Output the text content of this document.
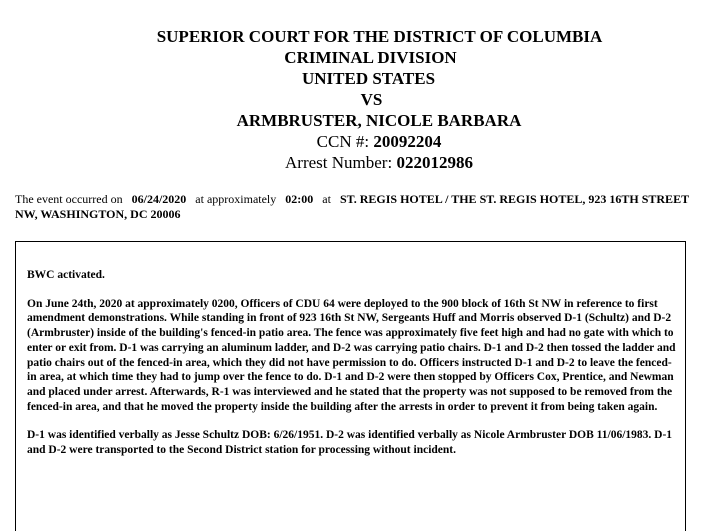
SUPERIOR COURT FOR THE DISTRICT OF COLUMBIA
CRIMINAL DIVISION
UNITED STATES
VS
ARMBRUSTER, NICOLE BARBARA
CCN #: 20092204
Arrest Number: 022012986
The event occurred on 06/24/2020 at approximately 02:00 at ST. REGIS HOTEL / THE ST. REGIS HOTEL, 923 16TH STREET NW, WASHINGTON, DC 20006

BWC activated.

On June 24th, 2020 at approximately 0200, Officers of CDU 64 were deployed to the 900 block of 16th St NW in reference to first amendment demonstrations. While standing in front of 923 16th St NW, Sergeants Huff and Morris observed D-1 (Schultz) and D-2 (Armbruster) inside of the building's fenced-in patio area. The fence was approximately five feet high and had no gate with which to enter or exit from. D-1 was carrying an aluminum ladder, and D-2 was carrying patio chairs. D-1 and D-2 then tossed the ladder and patio chairs out of the fenced-in area, which they did not have permission to do. Officers instructed D-1 and D-2 to leave the fenced-in area, at which time they had to jump over the fence to do. D-1 and D-2 were then stopped by Officers Cox, Prentice, and Newman and placed under arrest. Afterwards, R-1 was interviewed and he stated that the property was not supposed to be removed from the fenced-in area, and that he moved the property inside the building after the arrests in order to prevent it from being taken again.

D-1 was identified verbally as Jesse Schultz DOB: 6/26/1951. D-2 was identified verbally as Nicole Armbruster DOB 11/06/1983. D-1 and D-2 were transported to the Second District station for processing without incident.
